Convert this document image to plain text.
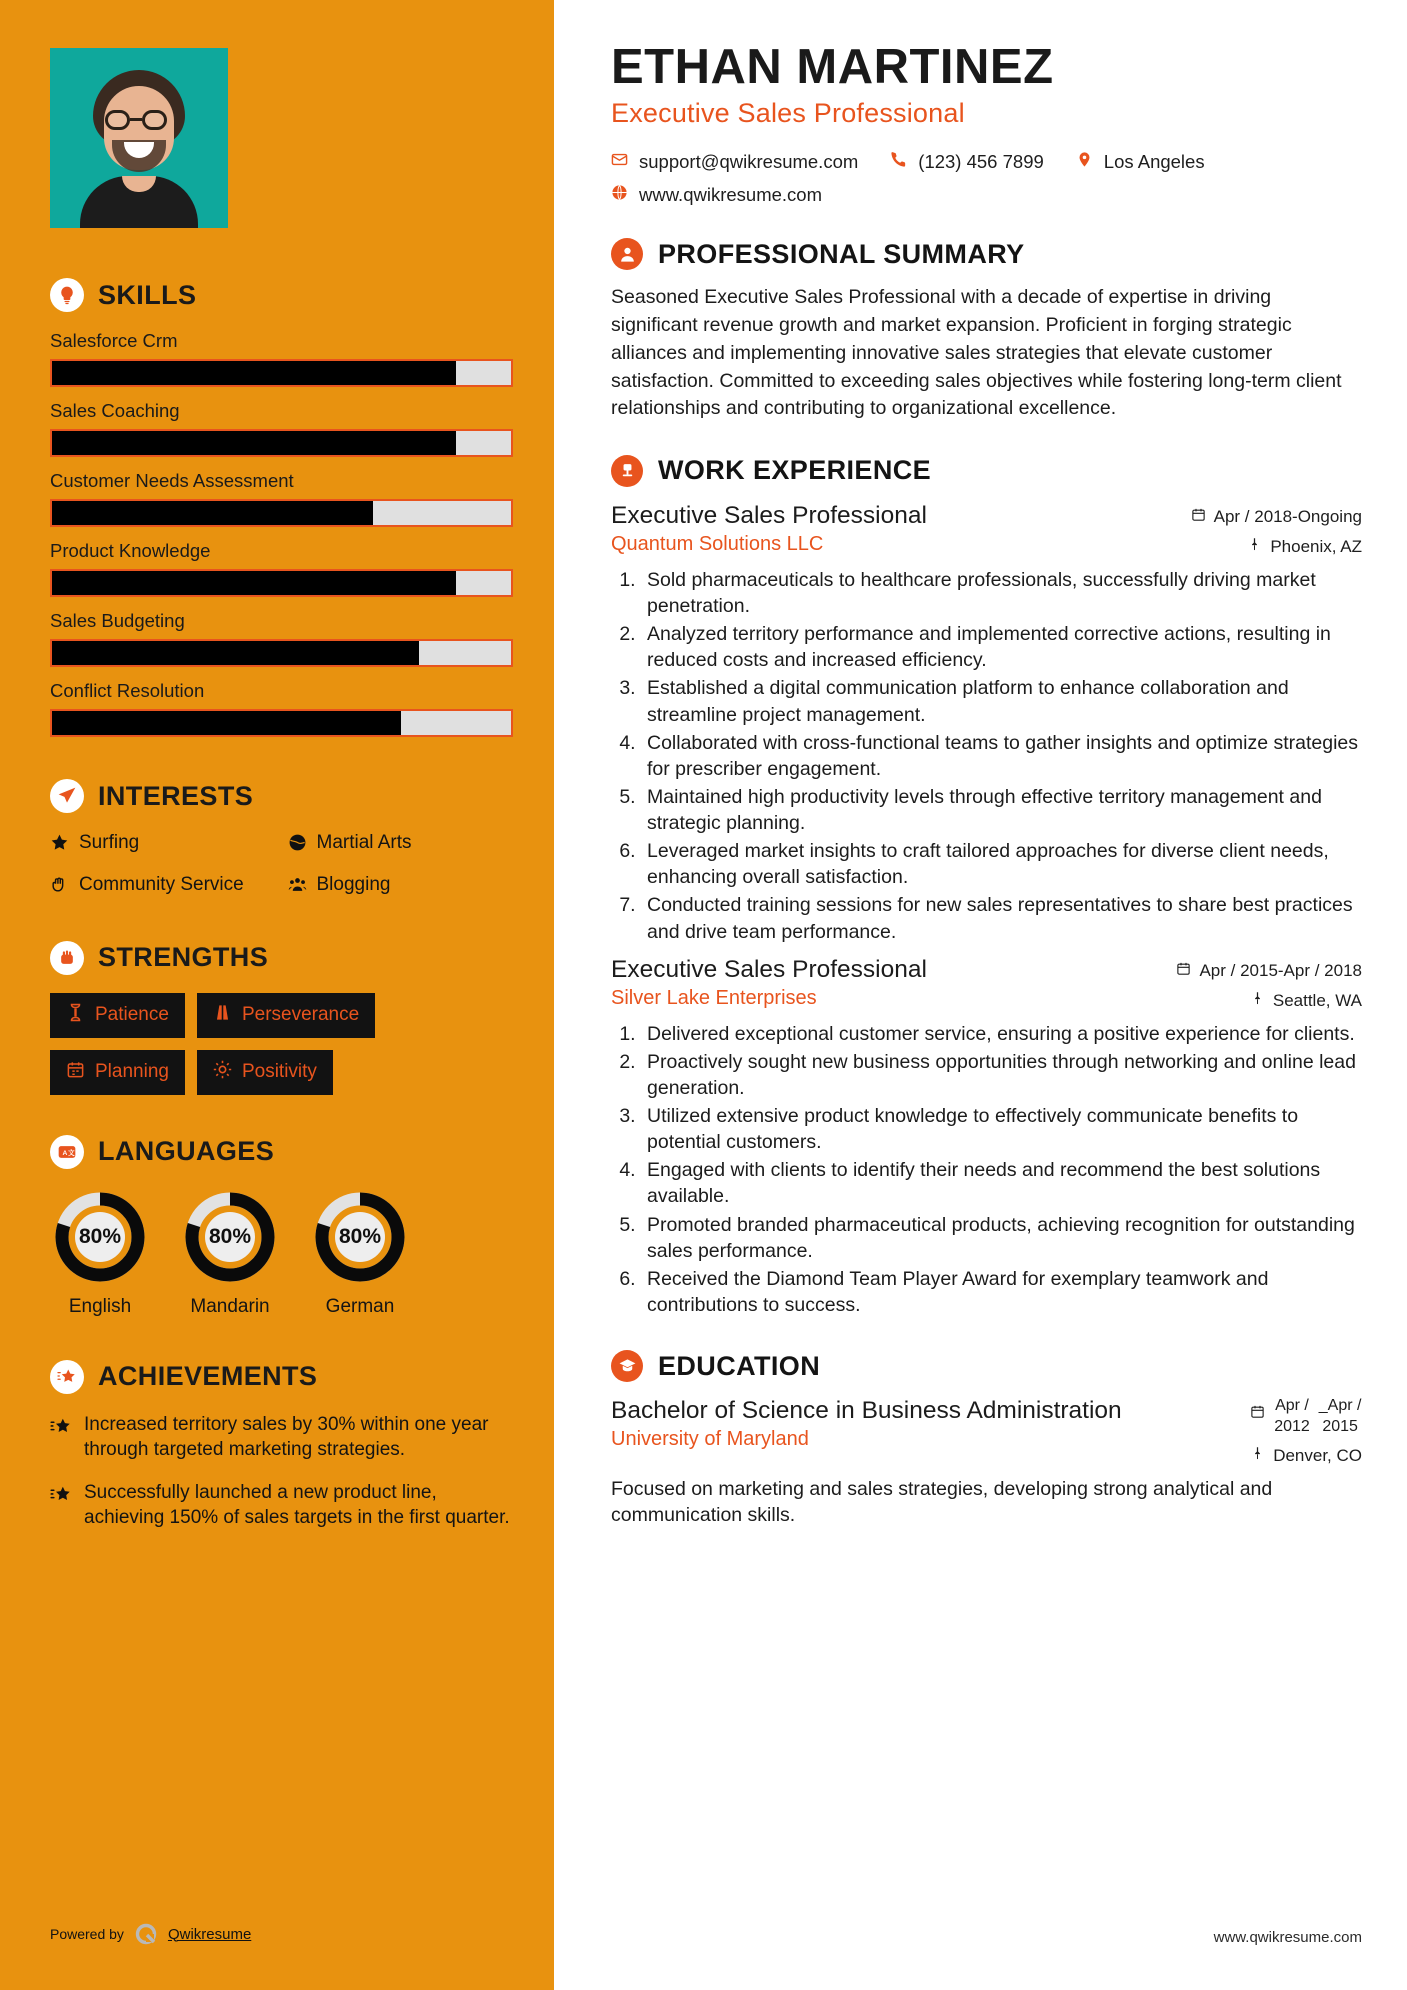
SKILLS
Salesforce Crm
Sales Coaching
Customer Needs Assessment
Product Knowledge
Sales Budgeting
Conflict Resolution
INTERESTS
Surfing	Martial Arts
Community Service	Blogging
STRENGTHS
Patience	Perseverance
Planning	Positivity
A 文 LANGUAGES
80%
English
80%
Mandarin
80%
German
ACHIEVEMENTS
Increased territory sales by 30% within one year through targeted marketing strategies.
Successfully launched a new product line, achieving 150% of sales targets in the first quarter.
Powered by	Qwikresume
ETHAN MARTINEZ
Executive Sales Professional
support@qwikresume.com	(123) 456 7899	Los Angeles
www.qwikresume.com
PROFESSIONAL SUMMARY

Seasoned Executive Sales Professional with a decade of expertise in driving significant revenue growth and market expansion. Proficient in forging strategic alliances and implementing innovative sales strategies that elevate customer satisfaction. Committed to exceeding sales objectives while fostering long-term client relationships and contributing to organizational excellence.

WORK EXPERIENCE
Executive Sales Professional
Quantum Solutions LLC
Apr / 2018-Ongoing
Phoenix, AZ
1. Sold pharmaceuticals to healthcare professionals, successfully driving market penetration.
2. Analyzed territory performance and implemented corrective actions, resulting in reduced costs and increased efficiency.
3. Established a digital communication platform to enhance collaboration and streamline project management.
4. Collaborated with cross-functional teams to gather insights and optimize strategies for prescriber engagement.
5. Maintained high productivity levels through effective territory management and strategic planning.
6. Leveraged market insights to craft tailored approaches for diverse client needs, enhancing overall satisfaction.
7. Conducted training sessions for new sales representatives to share best practices and drive team performance.
Executive Sales Professional
Silver Lake Enterprises
Apr / 2015-Apr / 2018
Seattle, WA
1. Delivered exceptional customer service, ensuring a positive experience for clients.
2. Proactively sought new business opportunities through networking and online lead generation.
3. Utilized extensive product knowledge to effectively communicate benefits to potential customers.
4. Engaged with clients to identify their needs and recommend the best solutions available.
5. Promoted branded pharmaceutical products, achieving recognition for outstanding sales performance.
6. Received the Diamond Team Player Award for exemplary teamwork and contributions to success.
EDUCATION
Bachelor of Science in Business Administration
University of Maryland
Apr /
2012
_Apr /
2015
Denver, CO

Focused on marketing and sales strategies, developing strong analytical and communication skills.

www.qwikresume.com
